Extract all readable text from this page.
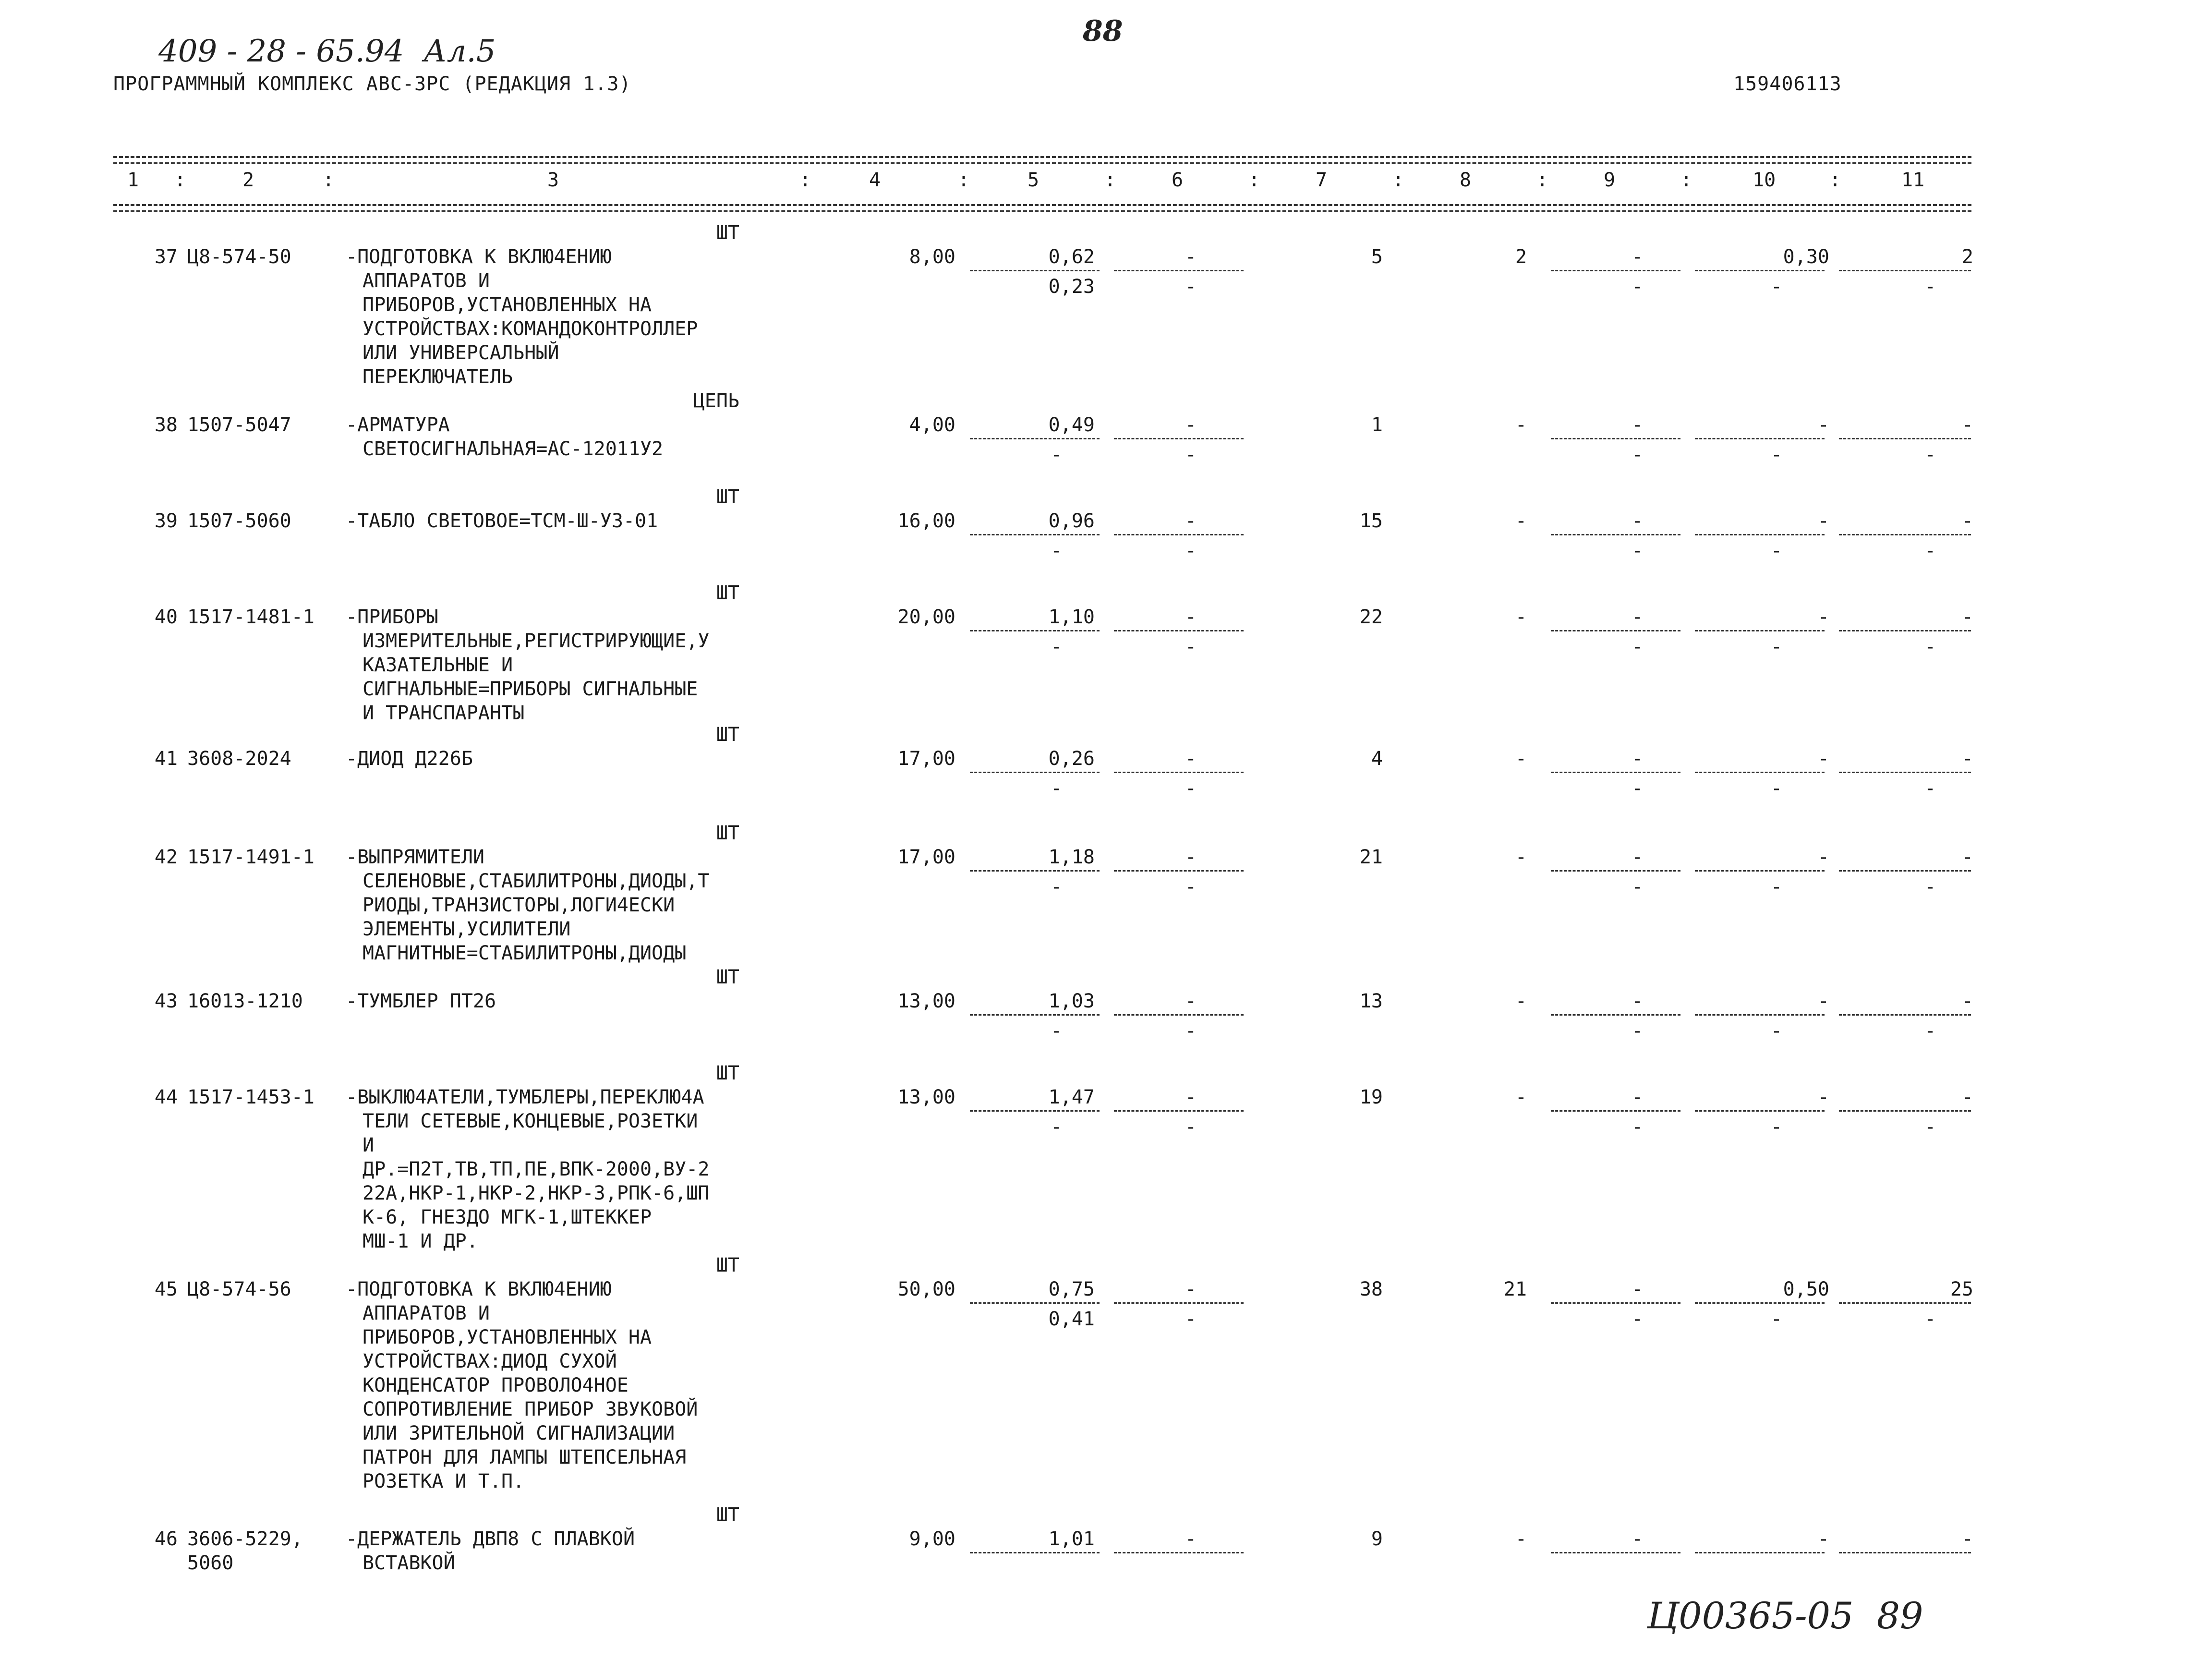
409 - 28 - 65.94  Ал.5
88
ПРОГРАММНЫЙ КОМПЛЕКС АВС-3РС (РЕДАКЦИЯ 1.3)	159406113
1	2	3	4	5	6	7	8	9	10	11
:	:	:	:	:	:	:	:	:	:
ШТ
37 Ц8-574-50	-ПОДГОТОВКА К ВКЛЮ4ЕНИЮ
АППАРАТОВ И
ПРИБОРОВ,УСТАНОВЛЕННЫХ НА
УСТРОЙСТВАХ:КОМАНДОКОНТРОЛЛЕР
ИЛИ УНИВЕРСАЛЬНЫЙ
ПЕРЕКЛЮЧАТЕЛЬ
8,00	0,62	-	5	2	-	0,30	2
0,23	-	-	-	-
ЦЕПЬ
38 1507-5047	-АРМАТУРА
СВЕТОСИГНАЛЬНАЯ=АС-12011У2
4,00	0,49	-	1	-	-	-	-
-	-	-	-	-
ШТ
39 1507-5060	-ТАБЛО СВЕТОВОЕ=ТСМ-Ш-У3-01	16,00	0,96	-	15	-	-	-	-
-	-	-	-	-
ШТ
40 1517-1481-1	-ПРИБОРЫ
ИЗМЕРИТЕЛЬНЫЕ,РЕГИСТРИРУЮЩИЕ,У
КАЗАТЕЛЬНЫЕ И
СИГНАЛЬНЫЕ=ПРИБОРЫ СИГНАЛЬНЫЕ
И ТРАНСПАРАНТЫ
20,00	1,10	-	22	-	-	-	-
-	-	-	-	-
ШТ
41 3608-2024	-ДИОД Д226Б	17,00	0,26	-	4	-	-	-	-
-	-	-	-	-
ШТ
42 1517-1491-1	-ВЫПРЯМИТЕЛИ
СЕЛЕНОВЫЕ,СТАБИЛИТРОНЫ,ДИОДЫ,Т
РИОДЫ,ТРАНЗИСТОРЫ,ЛОГИ4ЕСКИ
ЭЛЕМЕНТЫ,УСИЛИТЕЛИ
МАГНИТНЫЕ=СТАБИЛИТРОНЫ,ДИОДЫ
17,00	1,18	-	21	-	-	-	-
-	-	-	-	-
ШТ
43 16013-1210	-ТУМБЛЕР ПТ26	13,00	1,03	-	13	-	-	-	-
-	-	-	-	-
ШТ
44 1517-1453-1	-ВЫКЛЮ4АТЕЛИ,ТУМБЛЕРЫ,ПЕРЕКЛЮ4А
ТЕЛИ СЕТЕВЫЕ,КОНЦЕВЫЕ,РОЗЕТКИ
И
ДР.=П2Т,ТВ,ТП,ПЕ,ВПК-2000,ВУ-2
22А,НКР-1,НКР-2,НКР-3,РПК-6,ШП
К-6, ГНЕЗДО МГК-1,ШТЕККЕР
МШ-1 И ДР.
13,00	1,47	-	19	-	-	-	-
-	-	-	-	-
ШТ
45 Ц8-574-56	-ПОДГОТОВКА К ВКЛЮ4ЕНИЮ
АППАРАТОВ И
ПРИБОРОВ,УСТАНОВЛЕННЫХ НА
УСТРОЙСТВАХ:ДИОД СУХОЙ
КОНДЕНСАТОР ПРОВОЛО4НОЕ
СОПРОТИВЛЕНИЕ ПРИБОР ЗВУКОВОЙ
ИЛИ ЗРИТЕЛЬНОЙ СИГНАЛИЗАЦИИ
ПАТРОН ДЛЯ ЛАМПЫ ШТЕПСЕЛЬНАЯ
РОЗЕТКА И Т.П.
50,00	0,75	-	38	21	-	0,50	25
0,41	-	-	-	-
ШТ
46 3606-5229,
5060
-ДЕРЖАТЕЛЬ ДВП8 С ПЛАВКОЙ
ВСТАВКОЙ
9,00	1,01	-	9	-	-	-	-
Ц00365-05  89
